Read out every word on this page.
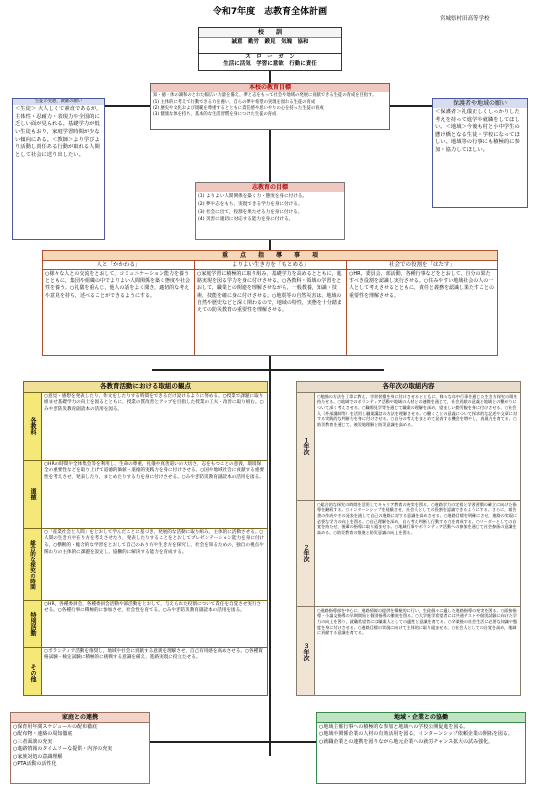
令和7年度　志教育全体計画
宮城県村田高等学校
校　　訓
誠意　勤労　鍛見　気魄　協和
ス　ロ　ー　ガ　ン
生活に活気　学習に意欲　行動に責任
本校の教育目標
知・徳・体の調和のとれた幅広い力量を備え，夢と志をもって社会や地域の発展に貢献できる生徒の育成を目指す。
(1) 主体的に考えて行動できる力を養い，自らの夢や希望の実現を図れる生徒の育成
(2) 歴史や文化および規範を尊重するとともに責任感や思いやりの心を持った生徒の育成
(3) 健康な体を持ち，基本的な生活習慣を身につけた生徒の育成
生徒の実態，教師の願い
＜生徒＞ 大人しくて素直であるが，主体性・忍耐力・表現力や全国的に乏しい面が見られる。基礎学力が低い生徒もおり，家庭学習時間が少ない傾向にある。＜教師＞より学びより活動し責任ある行動が取れる人間として社会に送り出したい。
保護者や地域の願い
＜保護者＞礼儀正しくしっかりした考えを持って進学や就職をしてほしい。＜地域＞今後も村と小中学生の懸け橋となる生徒・学校になってほしい。地域等の行事にも積極的に参加・協力してほしい。
志教育の目標
(1) よりよい人間関係を築く力・態度を身に付ける。
(2) 夢や志をもち，実現できる学力を身に付ける。
(3) 社会に出て，役割を果たせる力を身に付ける。
(4) 災害に適切に対応する能力を身に付ける。
重　　点　　指　　導　　事　　項
人と「かかわる」
○様々な人との交流をとおして，コミュニケーション能力を養うとともに，集団や組織の中でよりよい人間関係を築く態度や社会性を養う。○礼儀を重んじ，他人の話をよく聞き，適切的な考えや意見を持ち，述べることができるようにする。
よりよい生き方を「もとめる」
○家庭学習に積極的に取り組み，基礎学力を高めるとともに，進路実現を図る学力を身に付けさせる。○各教科・領域の学習をとおして，職業との関連を理解させながら，一般教養，知識・技術，技能を確に身に付けさせる。○地震等の自然災害は，地域の自然や歴史などと深く関わるので，地域の特性，実態を十分踏まえての防災教育の重要性を理解させる。
社会での役割を「はたす」
○HR，委員会，部活動，各種行事などをとおして，自分の果たすべき役割を認識し実行させる。○住みやすい地域社会の人の一人として考えさせるとともに，責任と義務を認識し果たすことの重要性を理解させる。
各教育活動における取組の観点
各教科
○意見・感想を発表したり，作文をしたりする時間をできるだけ設けるように努める。○授業で課題に取り組ませ基礎学力の向上を図るとともに，授業の質改善とアップを目指した授業の工夫・改善に取り組む。○みやぎ防災教育副読本の活用を図る。
道徳
○HRの時間や全体集会等を利用し，生命の尊重，礼儀や真善道いの大切さ，志をもつことの意義，環境保全の重要性などを取り上げて道徳的価値・道徳的実践力を身に付けさせる。○国や地域社会に貢献する重要性を考えさせ，発表したり，まとめたりする力を身に付けさせる。○みやぎ防災教育副読本の活用を図る。
総合的な探究の時間
○「産業社会と人間」をとおして学んだことに基づき，発展的な活動に取り組み，主体的に活動させる。○人間の生き方や在り方を考えさせたり，発表したりすることをとおしてプレゼンテーション能力を身に付ける。○横断的・総合的な学習をとおして自己のあり方や生き方を探究し，社会を知るための，独自の視点や関わりの主体的に課題を設定し，協働的に解決する能力を育成する。
特別活動
○HR，各種委員会，各種委員会活動や部活動をとおして，与えられた役割について責任を自覚させ実行させる。○各種行事に積極的に参加させ，社会性を育てる。○みやぎ防災教育副読本の活用を図る。
その他
○ボランティア活動を推奨し，地域や社会に貢献する意義を理解させ，自己有用感を高めさせる。○各種資格試験・検定試験に積極的に挑戦する意識を備え，進路実現に役立たせる。
各年次の取組内容
１年次
○勉強の方法を丁寧に教え，学習習慣を身に付けさせるとともに，様々な年中行事を通じた生き方探究の場を持たせる。○地域でのボランティア活動や地域の人材との連携を通じて，社会貢献の意義と地域との繋がりについて深く考えさせる。○職場見学等を通じて職業の理解を深め，望ましい勤労観を身に付けさせる。○社会人（外部講師等）を活用し職業講話の方法を理解させる。○働くことの意義について探求的な記述や文章に対する実践的な判断力を身に付けさせる。○自分の考えをまとめて発表する機会を増やし，表現力を育てる。○防災教育を通じて，被災地理解と防災意識を高める。
２年次
○総合的な探究の時間を活用してキャリア教育の充実を図る。○進路学力の定着と学習習慣の確立に向けた指導を継続する。○インターンシップを経験させ，社会人としての役割を認識できるようにする。さらに，報告書の作成やその発表を通して自己の進路に対する意識を高めさせる。○進路目標を明確にさせ，進路の実現に必要な学力の向上を図る。○自己理解を深め，自ら考え判断し行動する力を育成する。○リーダーとしての自覚を持たせ，後輩の指導に取り組ませる。○地域行事やボランティア活動への参加を通じて社会参画の意識を高める。○防災教育の推進と防災意識の向上を図る。
３年次
○進路指導部を中心に，進路情報の提供を積極的に行い，生徒個々に適した進路指導の充実を図る。○面接指導・小論文指導の早期開始と個別指導の徹底を図る。○大学進学希望者には共通テストや個別試験に向けた学力の向上を図り，就職希望者には職業人としての適性と意識を育てる。○卒業後の社会生活に必要な知識や態度を身に付けさせる。○進路目標の実現に向けて主体的に取り組ませる。○社会人としての自覚を高め，地域に貢献する意識を育てる。
家庭との連携
○保育用年間スケジュールの配布徹底
○配布物・連絡の周知徹底
○三者面談の充実
○進路情報のタイムリーな提供・内容の充実
○家族対処の意識理解
○PTA活動の活性化
地域・企業との協働
○地域主催行事への積極的な参加と地域への学校公開促進を図る。
○地域や関係企業の人材の有効活用を図る。インターンシップ依頼企業の開拓を図る。
○就職企業との連携を図りながら地元企業への就労チャンス拡大の試み強化。
